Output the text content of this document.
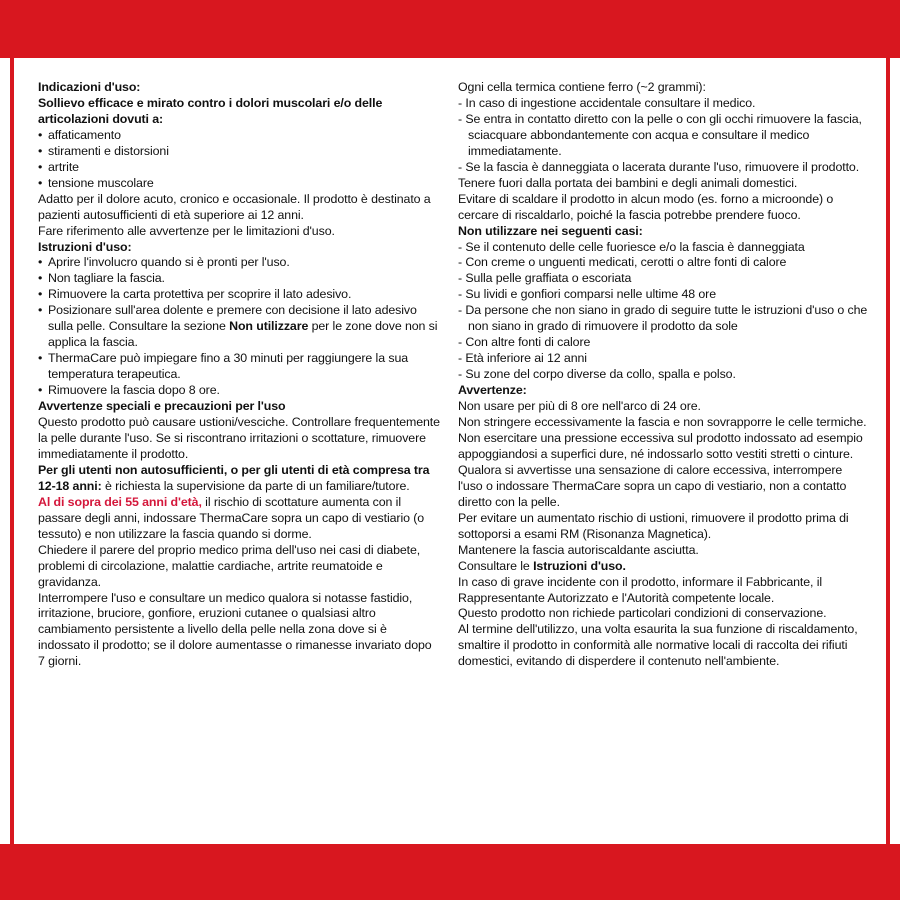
Indicazioni d'uso:

Sollievo efficace e mirato contro i dolori muscolari e/o delle articolazioni dovuti a:

• affaticamento

• stiramenti e distorsioni

• artrite

• tensione muscolare

Adatto per il dolore acuto, cronico e occasionale. Il prodotto è destinato a pazienti autosufficienti di età superiore ai 12 anni.

Fare riferimento alle avvertenze per le limitazioni d'uso.

Istruzioni d'uso:

• Aprire l'involucro quando si è pronti per l'uso.

• Non tagliare la fascia.

• Rimuovere la carta protettiva per scoprire il lato adesivo.

• Posizionare sull'area dolente e premere con decisione il lato adesivo sulla pelle. Consultare la sezione Non utilizzare per le zone dove non si applica la fascia.

• ThermaCare può impiegare fino a 30 minuti per raggiungere la sua temperatura terapeutica.

• Rimuovere la fascia dopo 8 ore.

Avvertenze speciali e precauzioni per l'uso

Questo prodotto può causare ustioni/vesciche. Controllare frequentemente la pelle durante l'uso. Se si riscontrano irritazioni o scottature, rimuovere immediatamente il prodotto.

Per gli utenti non autosufficienti, o per gli utenti di età compresa tra 12-18 anni: è richiesta la supervisione da parte di un familiare/tutore.

Al di sopra dei 55 anni d'età, il rischio di scottature aumenta con il passare degli anni, indossare ThermaCare sopra un capo di vestiario (o tessuto) e non utilizzare la fascia quando si dorme.

Chiedere il parere del proprio medico prima dell'uso nei casi di diabete, problemi di circolazione, malattie cardiache, artrite reumatoide e gravidanza.

Interrompere l'uso e consultare un medico qualora si notasse fastidio, irritazione, bruciore, gonfiore, eruzioni cutanee o qualsiasi altro cambiamento persistente a livello della pelle nella zona dove si è indossato il prodotto; se il dolore aumentasse o rimanesse invariato dopo 7 giorni.

Ogni cella termica contiene ferro (~2 grammi):

- In caso di ingestione accidentale consultare il medico.

- Se entra in contatto diretto con la pelle o con gli occhi rimuovere la fascia, sciacquare abbondantemente con acqua e consultare il medico immediatamente.

- Se la fascia è danneggiata o lacerata durante l'uso, rimuovere il prodotto.

Tenere fuori dalla portata dei bambini e degli animali domestici.

Evitare di scaldare il prodotto in alcun modo (es. forno a microonde) o cercare di riscaldarlo, poiché la fascia potrebbe prendere fuoco.

Non utilizzare nei seguenti casi:

- Se il contenuto delle celle fuoriesce e/o la fascia è danneggiata

- Con creme o unguenti medicati, cerotti o altre fonti di calore

- Sulla pelle graffiata o escoriata

- Su lividi e gonfiori comparsi nelle ultime 48 ore

- Da persone che non siano in grado di seguire tutte le istruzioni d'uso o che non siano in grado di rimuovere il prodotto da sole

- Con altre fonti di calore

- Età inferiore ai 12 anni

- Su zone del corpo diverse da collo, spalla e polso.

Avvertenze:

Non usare per più di 8 ore nell'arco di 24 ore.

Non stringere eccessivamente la fascia e non sovrapporre le celle termiche.

Non esercitare una pressione eccessiva sul prodotto indossato ad esempio appoggiandosi a superfici dure, né indossarlo sotto vestiti stretti o cinture.

Qualora si avvertisse una sensazione di calore eccessiva, interrompere l'uso o indossare ThermaCare sopra un capo di vestiario, non a contatto diretto con la pelle.

Per evitare un aumentato rischio di ustioni, rimuovere il prodotto prima di sottoporsi a esami RM (Risonanza Magnetica).

Mantenere la fascia autoriscaldante asciutta.

Consultare le Istruzioni d'uso.

In caso di grave incidente con il prodotto, informare il Fabbricante, il Rappresentante Autorizzato e l'Autorità competente locale.

Questo prodotto non richiede particolari condizioni di conservazione.

Al termine dell'utilizzo, una volta esaurita la sua funzione di riscaldamento, smaltire il prodotto in conformità alle normative locali di raccolta dei rifiuti domestici, evitando di disperdere il contenuto nell'ambiente.
